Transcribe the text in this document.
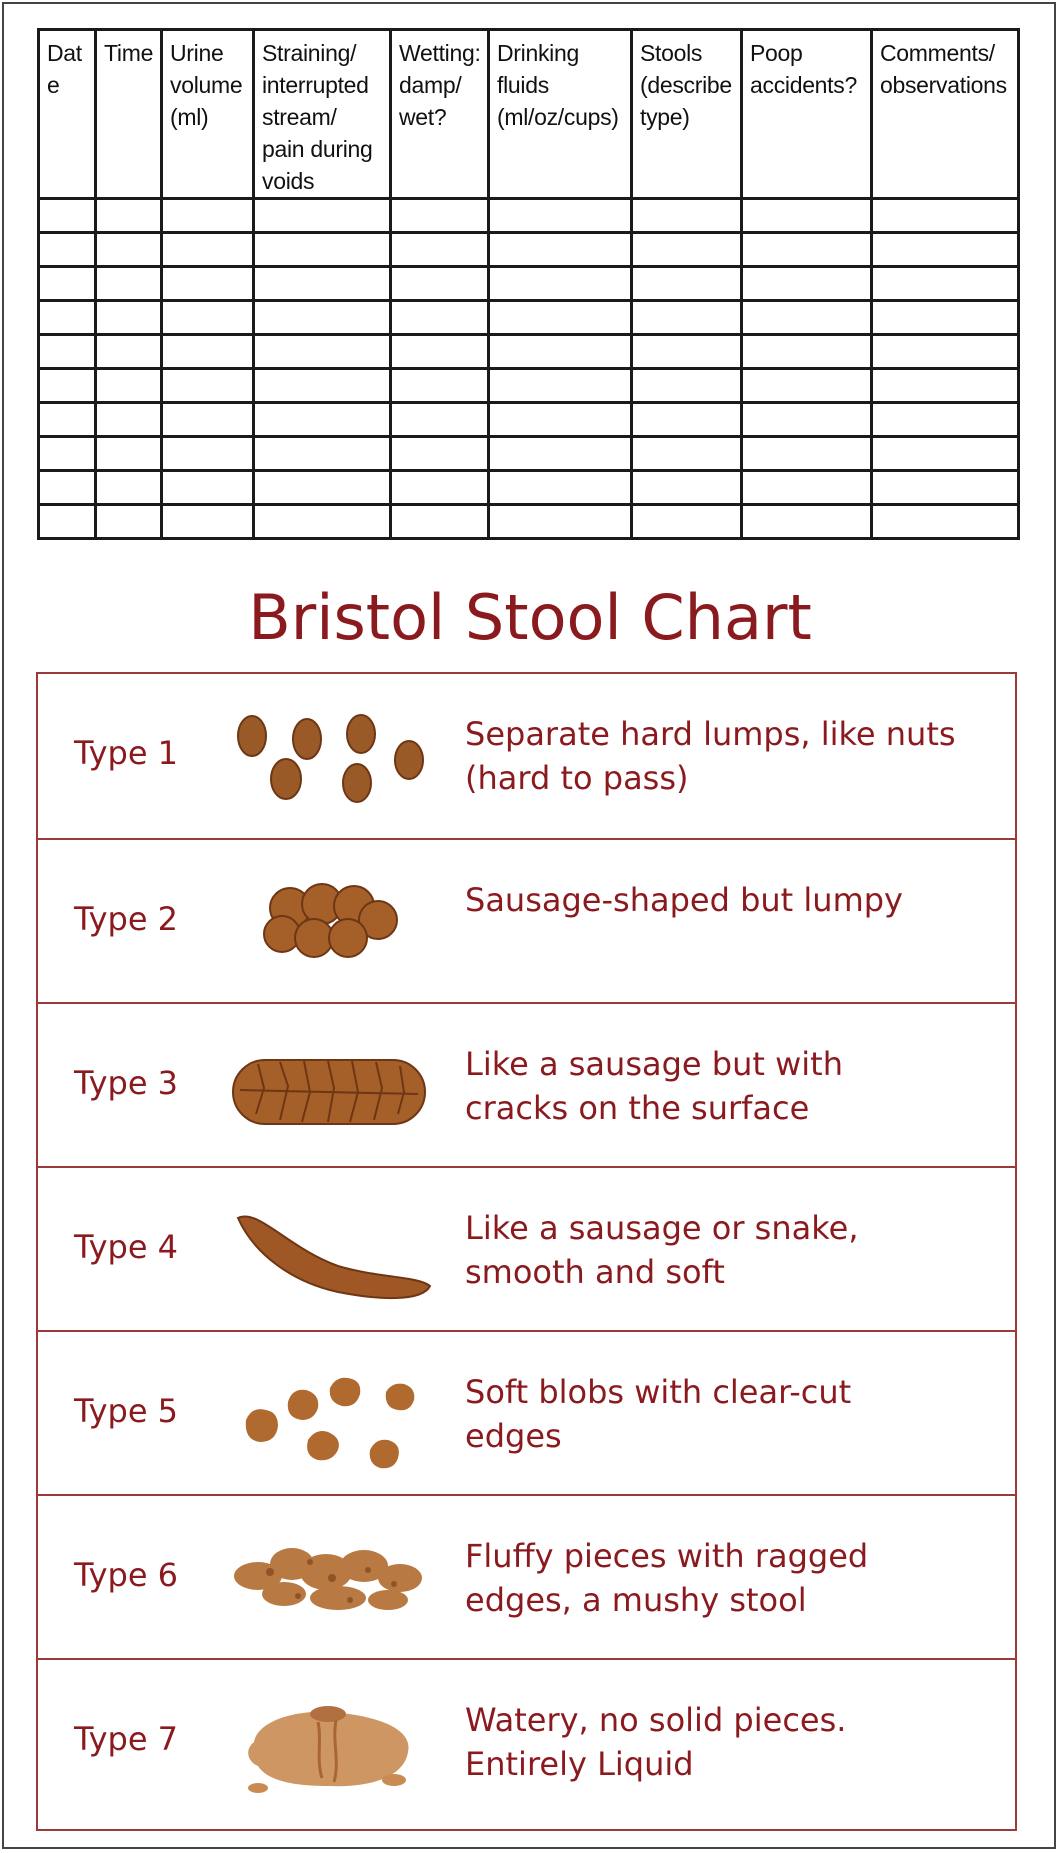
Date	Time	Urine
volume
(ml)	Straining/
interrupted
stream/
pain during
voids	Wetting:
damp/
wet?	Drinking
fluids
(ml/oz/cups)	Stools
(describe
type)	Poop
accidents?	Comments/
observations

Bristol Stool Chart
Type 1	Separate hard lumps, like nuts
(hard to pass)
Type 2	Sausage-shaped but lumpy
Type 3	Like a sausage but with
cracks on the surface
Type 4	Like a sausage or snake,
smooth and soft
Type 5	Soft blobs with clear-cut
edges
Type 6	Fluffy pieces with ragged
edges, a mushy stool
Type 7	Watery, no solid pieces.
Entirely Liquid
